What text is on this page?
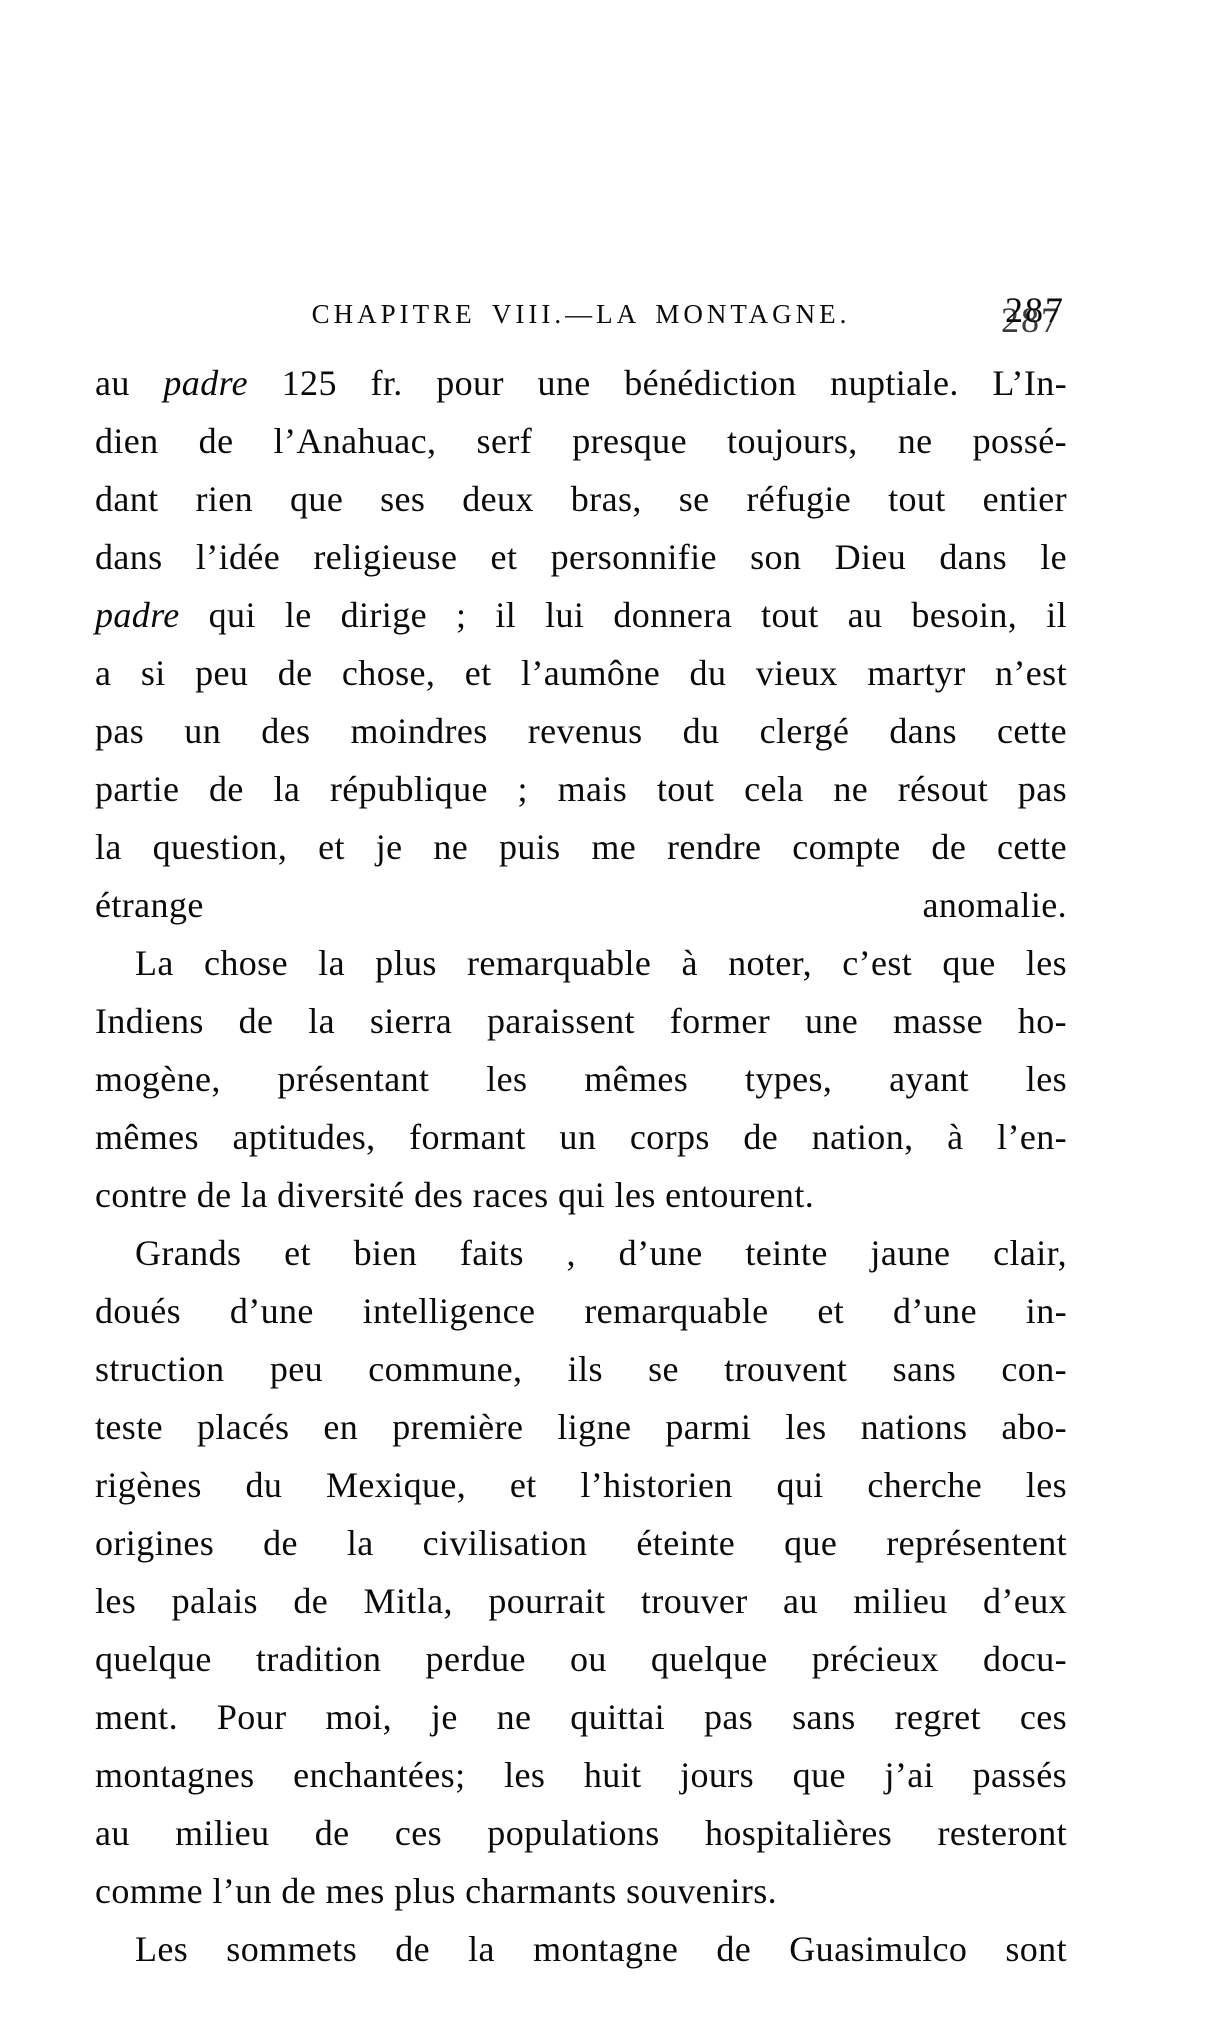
CHAPITRE VIII.—LA MONTAGNE.	287
au padre 125 fr. pour une bénédiction nuptiale. L’In-
dien de l’Anahuac, serf presque toujours, ne possé-
dant rien que ses deux bras, se réfugie tout entier
dans l’idée religieuse et personnifie son Dieu dans le
padre qui le dirige ; il lui donnera tout au besoin, il
a si peu de chose, et l’aumône du vieux martyr n’est
pas un des moindres revenus du clergé dans cette
partie de la république ; mais tout cela ne résout pas
la question, et je ne puis me rendre compte de cette
étrange anomalie.
La chose la plus remarquable à noter, c’est que les
Indiens de la sierra paraissent former une masse ho-
mogène, présentant les mêmes types, ayant les
mêmes aptitudes, formant un corps de nation, à l’en-
contre de la diversité des races qui les entourent.
Grands et bien faits , d’une teinte jaune clair,
doués d’une intelligence remarquable et d’une in-
struction peu commune, ils se trouvent sans con-
teste placés en première ligne parmi les nations abo-
rigènes du Mexique, et l’historien qui cherche les
origines de la civilisation éteinte que représentent
les palais de Mitla, pourrait trouver au milieu d’eux
quelque tradition perdue ou quelque précieux docu-
ment. Pour moi, je ne quittai pas sans regret ces
montagnes enchantées; les huit jours que j’ai passés
au milieu de ces populations hospitalières resteront
comme l’un de mes plus charmants souvenirs.
Les sommets de la montagne de Guasimulco sont
